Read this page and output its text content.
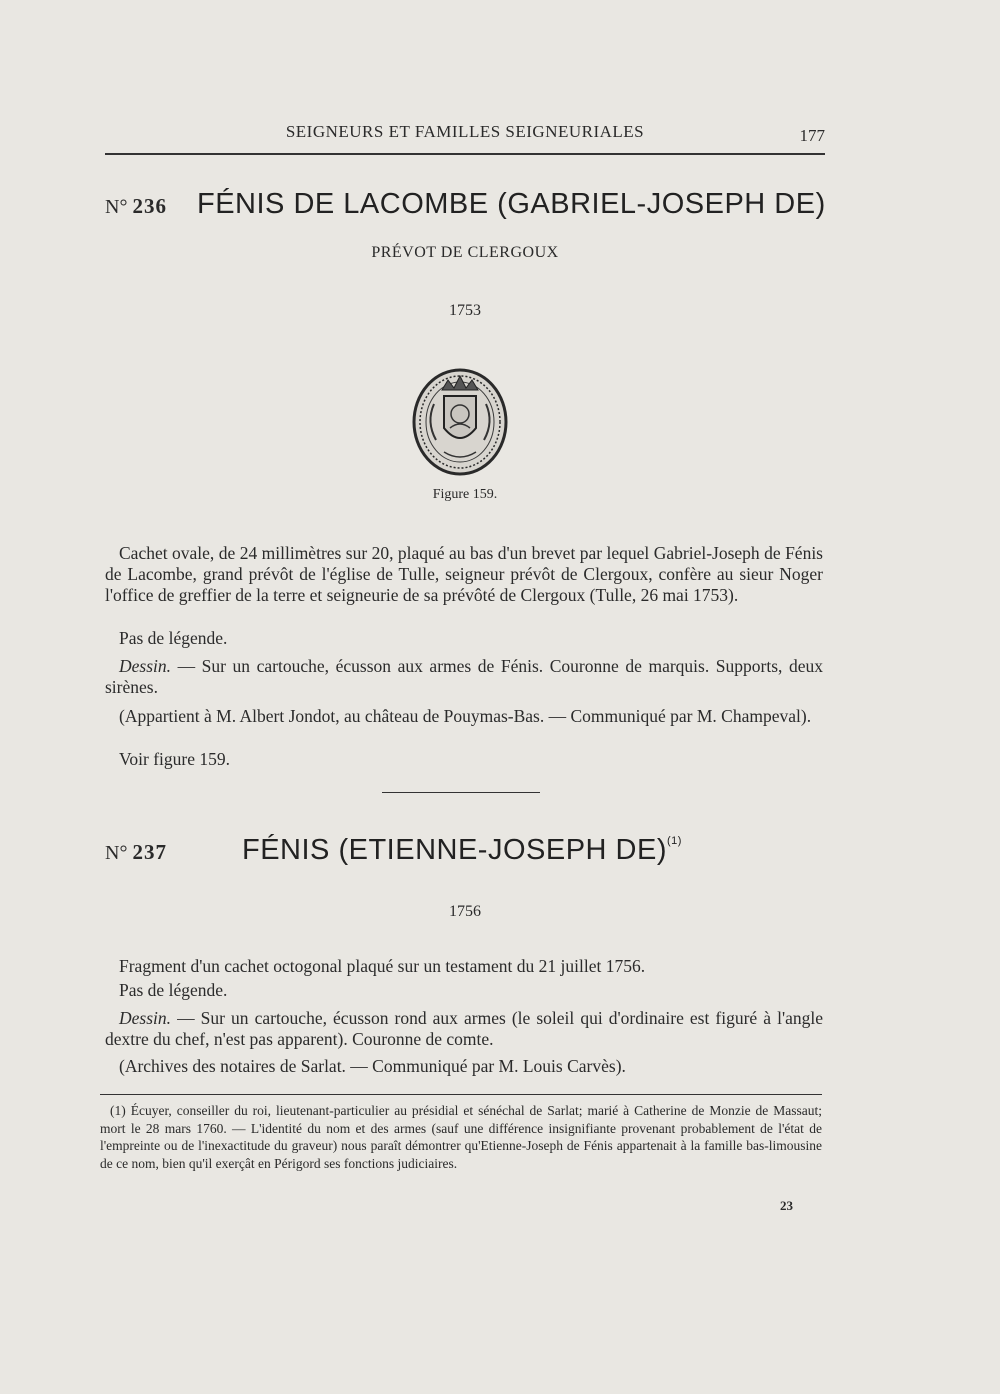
SEIGNEURS ET FAMILLES SEIGNEURIALES	177
N° 236 FÉNIS DE LACOMBE (GABRIEL-JOSEPH DE)
PRÉVOT DE CLERGOUX
1753
Figure 159.
Cachet ovale, de 24 millimètres sur 20, plaqué au bas d'un brevet par lequel Gabriel-Joseph de Fénis de Lacombe, grand prévôt de l'église de Tulle, seigneur prévôt de Clergoux, confère au sieur Noger l'office de greffier de la terre et seigneurie de sa prévôté de Clergoux (Tulle, 26 mai 1753).
Pas de légende.
Dessin. — Sur un cartouche, écusson aux armes de Fénis. Couronne de marquis. Supports, deux sirènes.
(Appartient à M. Albert Jondot, au château de Pouymas-Bas. — Communiqué par M. Champeval).
Voir figure 159.
N° 237	FÉNIS (ETIENNE-JOSEPH DE)$^{(1)}$
1756
Fragment d'un cachet octogonal plaqué sur un testament du 21 juillet 1756.
Pas de légende.
Dessin. — Sur un cartouche, écusson rond aux armes (le soleil qui d'ordinaire est figuré à l'angle dextre du chef, n'est pas apparent). Couronne de comte.
(Archives des notaires de Sarlat. — Communiqué par M. Louis Carvès).
(1) Écuyer, conseiller du roi, lieutenant-particulier au présidial et sénéchal de Sarlat; marié à Catherine de Monzie de Massaut; mort le 28 mars 1760. — L'identité du nom et des armes (sauf une différence insignifiante provenant probablement de l'état de l'empreinte ou de l'inexactitude du graveur) nous paraît démontrer qu'Etienne-Joseph de Fénis appartenait à la famille bas-limousine de ce nom, bien qu'il exerçât en Périgord ses fonctions judiciaires.
23
